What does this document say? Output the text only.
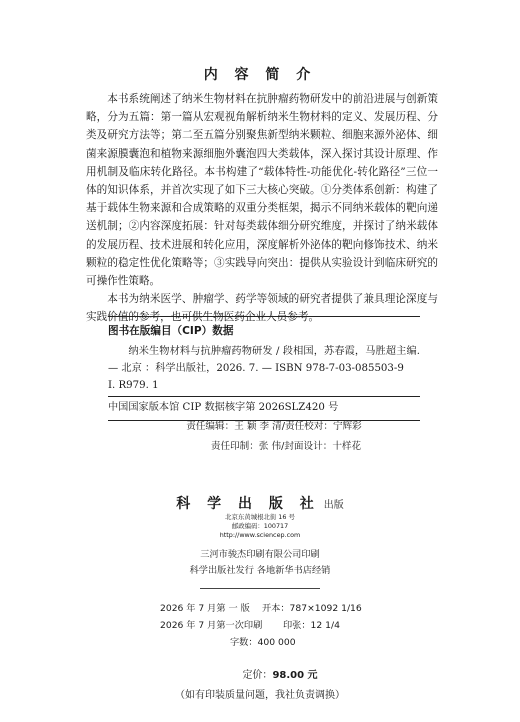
内 容 简 介

本书系统阐述了纳米生物材料在抗肿瘤药物研发中的前沿进展与创新策略，分为五篇：第一篇从宏观视角解析纳米生物材料的定义、发展历程、分类及研究方法等；第二至五篇分别聚焦新型纳米颗粒、细胞来源外泌体、细菌来源膜囊泡和植物来源细胞外囊泡四大类载体，深入探讨其设计原理、作用机制及临床转化路径。本书构建了“载体特性-功能优化-转化路径”三位一体的知识体系，并首次实现了如下三大核心突破。①分类体系创新：构建了基于载体生物来源和合成策略的双重分类框架，揭示不同纳米载体的靶向递送机制；②内容深度拓展：针对每类载体细分研究维度，并探讨了纳米载体的发展历程、技术进展和转化应用，深度解析外泌体的靶向修饰技术、纳米颗粒的稳定性优化策略等；③实践导向突出：提供从实验设计到临床研究的可操作性策略。

本书为纳米医学、肿瘤学、药学等领域的研究者提供了兼具理论深度与实践价值的参考，也可供生物医药企业人员参考。

图书在版编目（CIP）数据
纳米生物材料与抗肿瘤药物研发 / 段相国，苏春霞，马胜超主编. — 北京 ：科学出版社，2026. 7. — ISBN 978-7-03-085503-9
Ⅰ. R979. 1
中国国家版本馆 CIP 数据核字第 2026SLZ420 号
责任编辑：王 颖 李 清/责任校对：宁辉彩
责任印制：张 伟/封面设计：十样花
科 学 出 版 社 出版
北京东黄城根北街 16 号
邮政编码：100717
http://www.sciencep.com
三河市骏杰印刷有限公司印刷
科学出版社发行 各地新华书店经销
2026 年 7 月第 一 版 开本：787×1092 1/16
2026 年 7 月第一次印刷 印张：12 1/4
字数：400 000
定价：98.00 元
（如有印装质量问题，我社负责调换）
